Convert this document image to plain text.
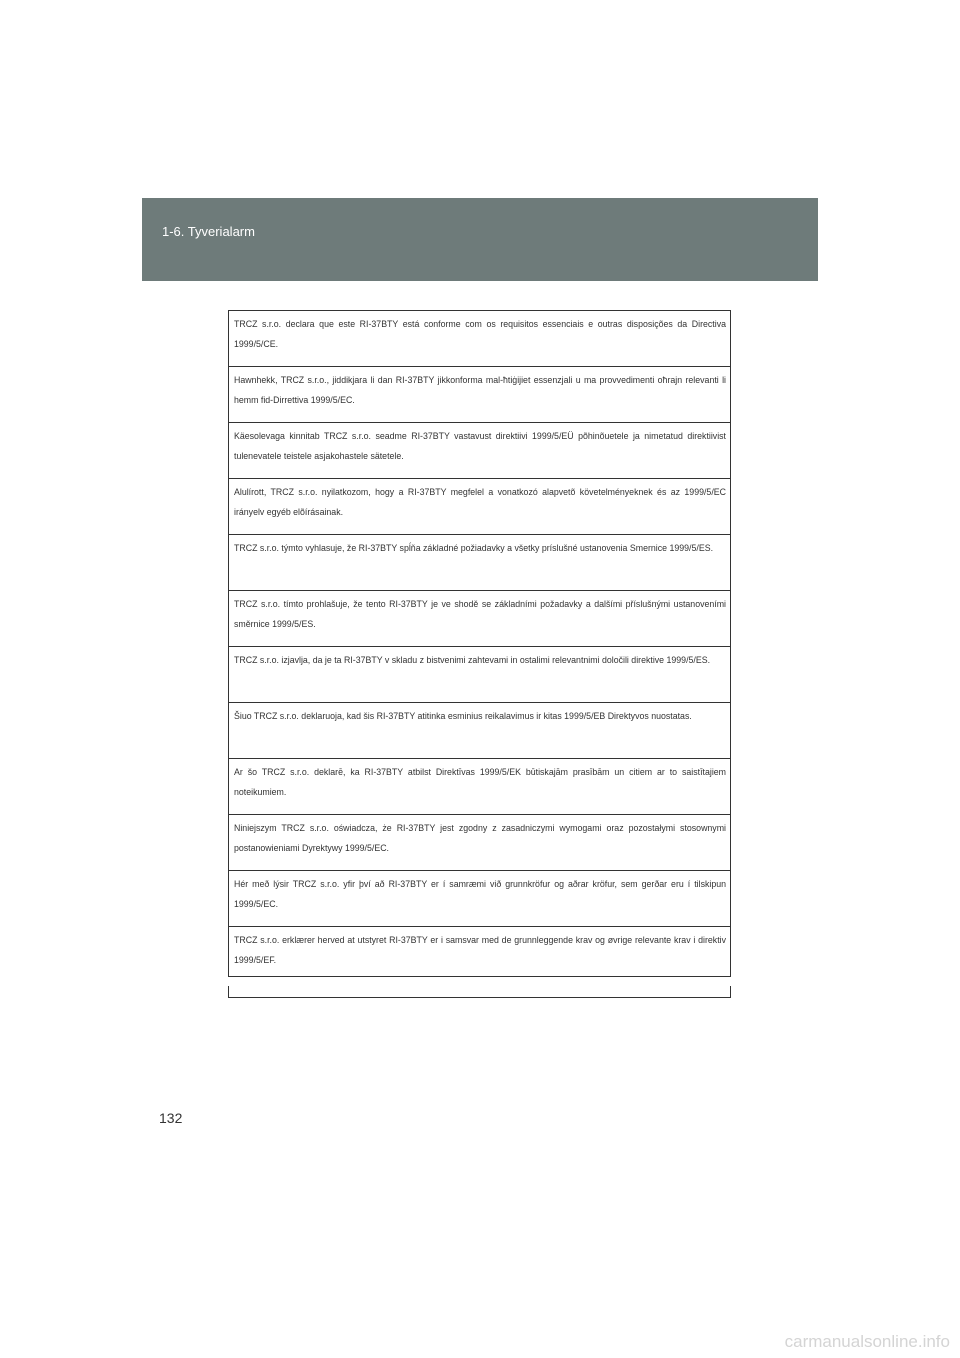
1-6. Tyverialarm
TRCZ s.r.o. declara que este RI-37BTY está conforme com os requisitos essenciais e outras disposições da Directiva 1999/5/CE.
Hawnhekk, TRCZ s.r.o., jiddikjara li dan RI-37BTY jikkonforma mal-ħtiġijiet essenzjali u ma provvedimenti oħrajn relevanti li hemm fid-Dirrettiva 1999/5/EC.
Käesolevaga kinnitab TRCZ s.r.o. seadme RI-37BTY vastavust direktiivi 1999/5/EÜ põhinõuetele ja nimetatud direktiivist tulenevatele teistele asjakohastele sätetele.
Alulírott, TRCZ s.r.o. nyilatkozom, hogy a RI-37BTY megfelel a vonatkozó alapvetõ követelményeknek és az 1999/5/EC irányelv egyéb elõírásainak.
TRCZ s.r.o. týmto vyhlasuje, že RI-37BTY spĺňa základné požiadavky a všetky príslušné ustanovenia Smernice 1999/5/ES.
TRCZ s.r.o. tímto prohlašuje, že tento RI-37BTY je ve shodě se základními požadavky a dalšími příslušnými ustanoveními směrnice 1999/5/ES.
TRCZ s.r.o. izjavlja, da je ta RI-37BTY v skladu z bistvenimi zahtevami in ostalimi relevantnimi določili direktive 1999/5/ES.
Šiuo TRCZ s.r.o. deklaruoja, kad šis RI-37BTY atitinka esminius reikalavimus ir kitas 1999/5/EB Direktyvos nuostatas.
Ar šo TRCZ s.r.o. deklarē, ka RI-37BTY atbilst Direktīvas 1999/5/EK būtiskajām prasībām un citiem ar to saistītajiem noteikumiem.
Niniejszym TRCZ s.r.o. oświadcza, że RI-37BTY jest zgodny z zasadniczymi wymogami oraz pozostałymi stosownymi postanowieniami Dyrektywy 1999/5/EC.
Hér með lýsir TRCZ s.r.o. yfir því að RI-37BTY er í samræmi við grunnkröfur og aðrar kröfur, sem gerðar eru í tilskipun 1999/5/EC.
TRCZ s.r.o. erklærer herved at utstyret RI-37BTY er i samsvar med de grunnleggende krav og øvrige relevante krav i direktiv 1999/5/EF.
132
carmanualsonline.info
